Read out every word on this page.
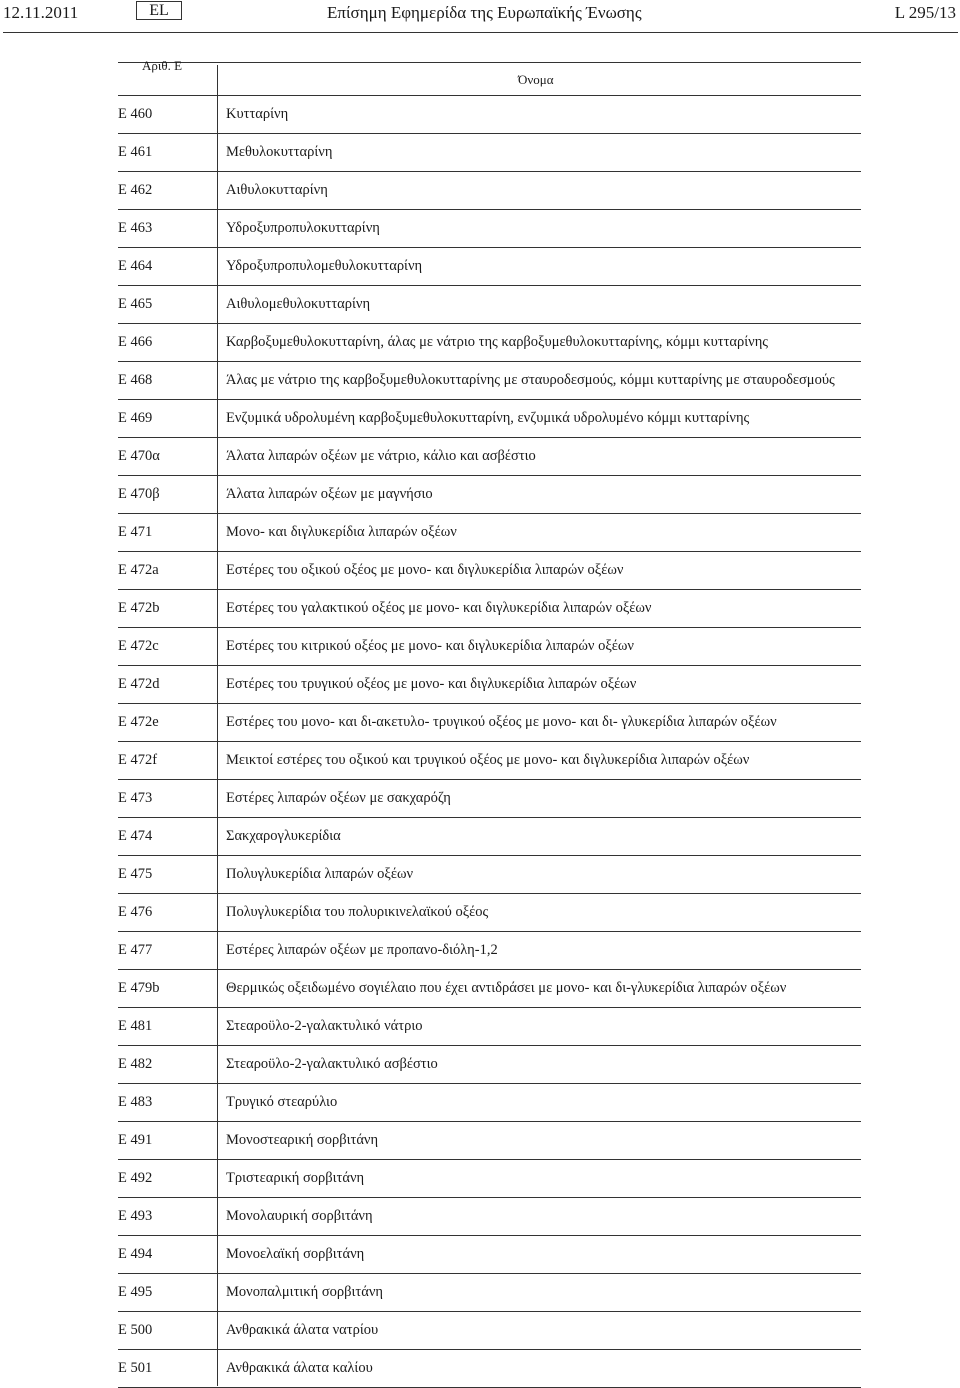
12.11.2011	EL	Επίσημη Εφημερίδα της Ευρωπαϊκής Ένωσης	L 295/13
Αριθ. Ε
Όνομα
E 460	Κυτταρίνη
E 461	Μεθυλοκυτταρίνη
E 462	Αιθυλοκυτταρίνη
E 463	Υδροξυπροπυλοκυτταρίνη
E 464	Υδροξυπροπυλομεθυλοκυτταρίνη
E 465	Αιθυλομεθυλοκυτταρίνη
E 466	Καρβοξυμεθυλοκυτταρίνη, άλας με νάτριο της καρβοξυμεθυλοκυτταρίνης, κόμμι κυτταρίνης
E 468	Άλας με νάτριο της καρβοξυμεθυλοκυτταρίνης με σταυροδεσμούς, κόμμι κυτταρίνης με σταυροδεσμούς
E 469	Ενζυμικά υδρολυμένη καρβοξυμεθυλοκυτταρίνη, ενζυμικά υδρολυμένο κόμμι κυτταρίνης
E 470α	Άλατα λιπαρών οξέων με νάτριο, κάλιο και ασβέστιο
E 470β	Άλατα λιπαρών οξέων με μαγνήσιο
E 471	Μονο- και διγλυκερίδια λιπαρών οξέων
E 472a	Εστέρες του οξικού οξέος με μονο- και διγλυκερίδια λιπαρών οξέων
E 472b	Εστέρες του γαλακτικού οξέος με μονο- και διγλυκερίδια λιπαρών οξέων
E 472c	Εστέρες του κιτρικού οξέος με μονο- και διγλυκερίδια λιπαρών οξέων
E 472d	Εστέρες του τρυγικού οξέος με μονο- και διγλυκερίδια λιπαρών οξέων
E 472e	Εστέρες του μονο- και δι-ακετυλο- τρυγικού οξέος με μονο- και δι- γλυκερίδια λιπαρών οξέων
E 472f	Μεικτοί εστέρες του οξικού και τρυγικού οξέος με μονο- και διγλυκερίδια λιπαρών οξέων
E 473	Εστέρες λιπαρών οξέων με σακχαρόζη
E 474	Σακχαρογλυκερίδια
E 475	Πολυγλυκερίδια λιπαρών οξέων
E 476	Πολυγλυκερίδια του πολυρικινελαϊκού οξέος
E 477	Εστέρες λιπαρών οξέων με προπανο-διόλη-1,2
E 479b	Θερμικώς οξειδωμένο σογιέλαιο που έχει αντιδράσει με μονο- και δι-γλυκερίδια λιπαρών οξέων
E 481	Στεαροϋλο-2-γαλακτυλικό νάτριο
E 482	Στεαροϋλο-2-γαλακτυλικό ασβέστιο
E 483	Τρυγικό στεαρύλιο
E 491	Μονοστεαρική σορβιτάνη
E 492	Τριστεαρική σορβιτάνη
E 493	Μονολαυρική σορβιτάνη
E 494	Μονοελαϊκή σορβιτάνη
E 495	Μονοπαλμιτική σορβιτάνη
E 500	Ανθρακικά άλατα νατρίου
E 501	Ανθρακικά άλατα καλίου
